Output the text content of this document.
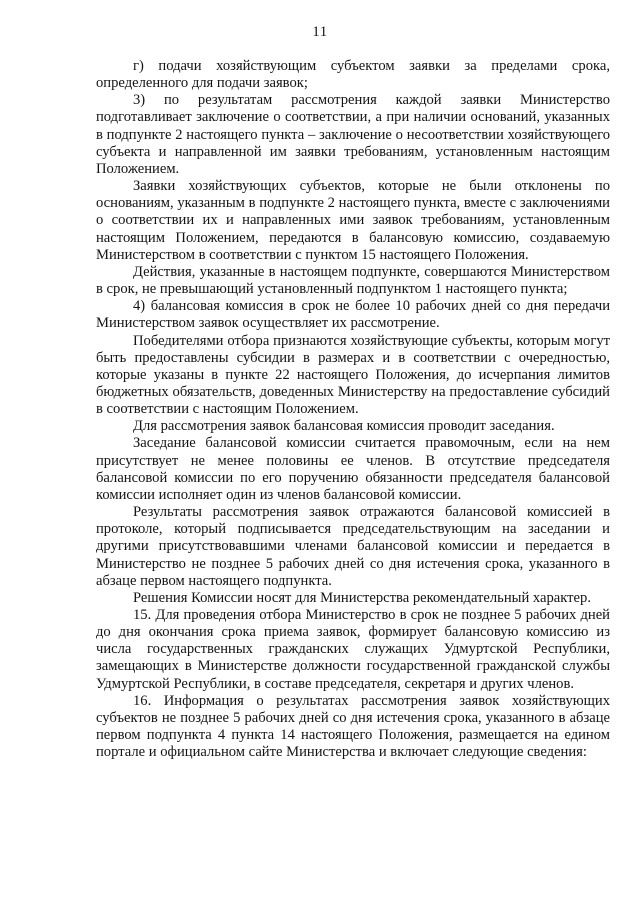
11

г) подачи хозяйствующим субъектом заявки за пределами срока, определенного для подачи заявок;

3) по результатам рассмотрения каждой заявки Министерство подготавливает заключение о соответствии, а при наличии оснований, указанных в подпункте 2 настоящего пункта – заключение о несоответствии хозяйствующего субъекта и направленной им заявки требованиям, установленным настоящим Положением.

Заявки хозяйствующих субъектов, которые не были отклонены по основаниям, указанным в подпункте 2 настоящего пункта, вместе с заключениями о соответствии их и направленных ими заявок требованиям, установленным настоящим Положением, передаются в балансовую комиссию, создаваемую Министерством в соответствии с пунктом 15 настоящего Положения.

Действия, указанные в настоящем подпункте, совершаются Министерством в срок, не превышающий установленный подпунктом 1 настоящего пункта;

4) балансовая комиссия в срок не более 10 рабочих дней со дня передачи Министерством заявок осуществляет их рассмотрение.

Победителями отбора признаются хозяйствующие субъекты, которым могут быть предоставлены субсидии в размерах и в соответствии с очередностью, которые указаны в пункте 22 настоящего Положения, до исчерпания лимитов бюджетных обязательств, доведенных Министерству на предоставление субсидий в соответствии с настоящим Положением.

Для рассмотрения заявок балансовая комиссия проводит заседания.

Заседание балансовой комиссии считается правомочным, если на нем присутствует не менее половины ее членов. В отсутствие председателя балансовой комиссии по его поручению обязанности председателя балансовой комиссии исполняет один из членов балансовой комиссии.

Результаты рассмотрения заявок отражаются балансовой комиссией в протоколе, который подписывается председательствующим на заседании и другими присутствовавшими членами балансовой комиссии и передается в Министерство не позднее 5 рабочих дней со дня истечения срока, указанного в абзаце первом настоящего подпункта.

Решения Комиссии носят для Министерства рекомендательный характер.

15. Для проведения отбора Министерство в срок не позднее 5 рабочих дней до дня окончания срока приема заявок, формирует балансовую комиссию из числа государственных гражданских служащих Удмуртской Республики, замещающих в Министерстве должности государственной гражданской службы Удмуртской Республики, в составе председателя, секретаря и других членов.

16. Информация о результатах рассмотрения заявок хозяйствующих субъектов не позднее 5 рабочих дней со дня истечения срока, указанного в абзаце первом подпункта 4 пункта 14 настоящего Положения, размещается на едином портале и официальном сайте Министерства и включает следующие сведения:
